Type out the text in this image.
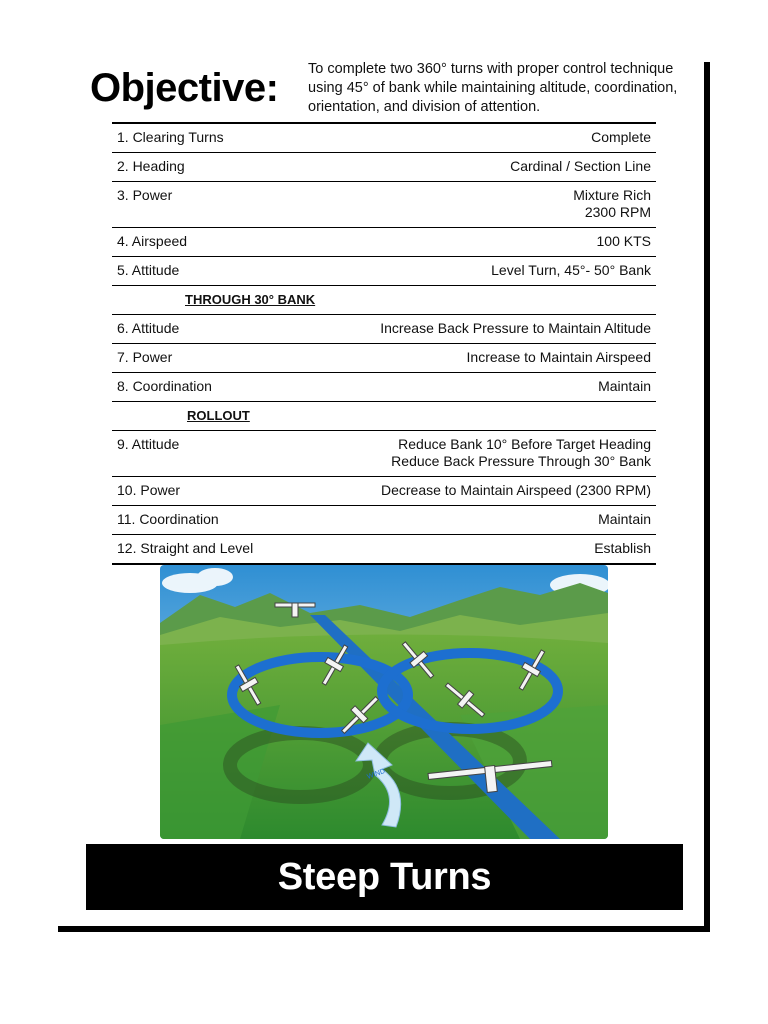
Objective: To complete two 360° turns with proper control technique using 45° of bank while maintaining altitude, coordination, orientation, and division of attention.
1. Clearing Turns	Complete
2. Heading	Cardinal / Section Line
3. Power	Mixture Rich
2300 RPM
4. Airspeed	100 KTS
5. Attitude	Level Turn, 45°- 50° Bank
THROUGH 30° BANK
6. Attitude	Increase Back Pressure to Maintain Altitude
7. Power	Increase to Maintain Airspeed
8. Coordination	Maintain
ROLLOUT
9. Attitude	Reduce Bank 10° Before Target Heading
Reduce Back Pressure Through 30° Bank
10. Power	Decrease to Maintain Airspeed (2300 RPM)
11. Coordination	Maintain
12. Straight and Level	Establish
WIND
Steep Turns
